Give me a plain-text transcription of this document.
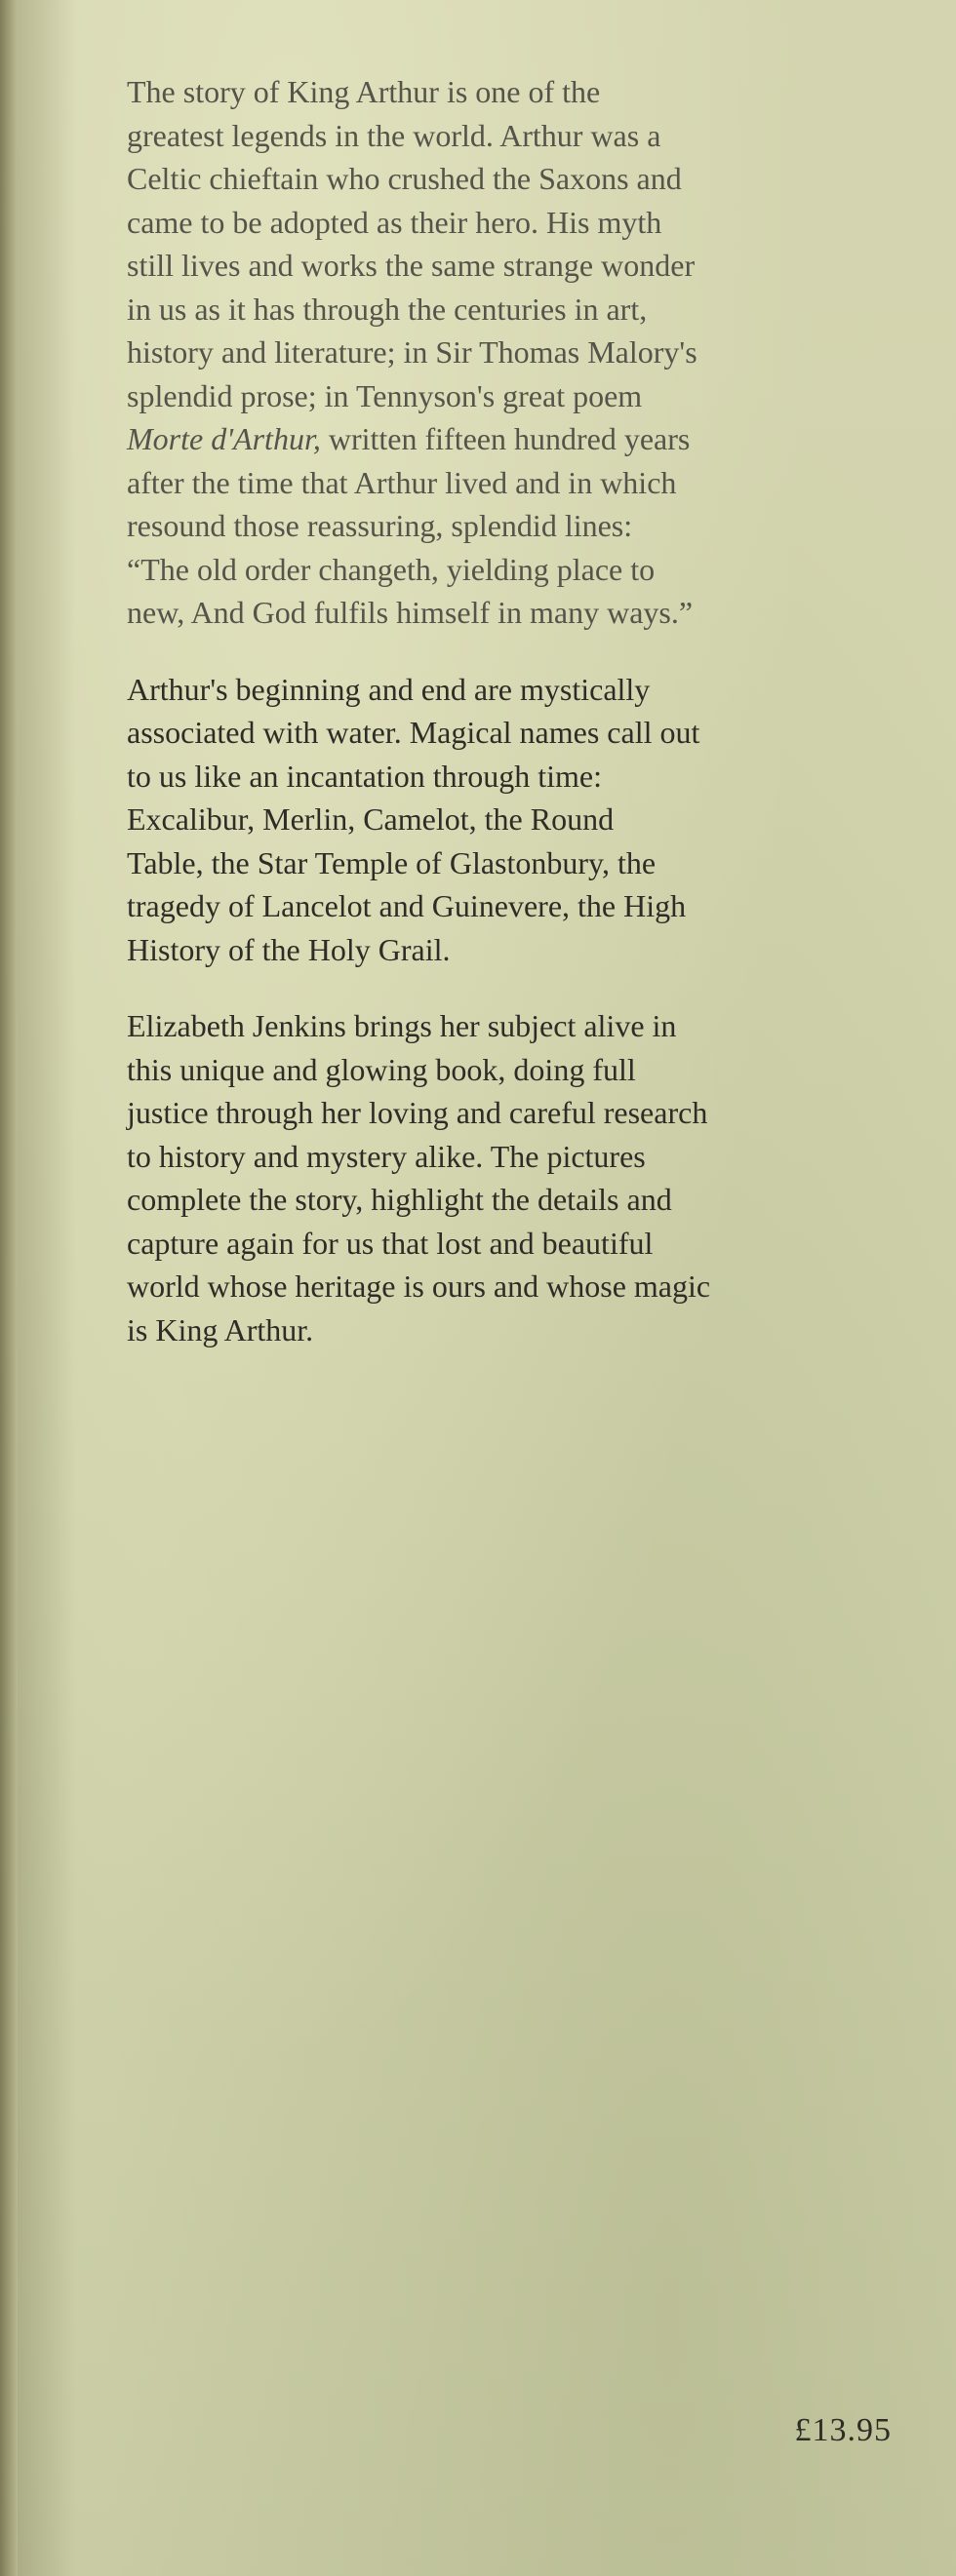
The story of King Arthur is one of the
greatest legends in the world. Arthur was a
Celtic chieftain who crushed the Saxons and
came to be adopted as their hero. His myth
still lives and works the same strange wonder
in us as it has through the centuries in art,
history and literature; in Sir Thomas Malory's
splendid prose; in Tennyson's great poem
Morte d'Arthur, written fifteen hundred years
after the time that Arthur lived and in which
resound those reassuring, splendid lines:
“The old order changeth, yielding place to
new, And God fulfils himself in many ways.”

Arthur's beginning and end are mystically
associated with water. Magical names call out
to us like an incantation through time:
Excalibur, Merlin, Camelot, the Round
Table, the Star Temple of Glastonbury, the
tragedy of Lancelot and Guinevere, the High
History of the Holy Grail.

Elizabeth Jenkins brings her subject alive in
this unique and glowing book, doing full
justice through her loving and careful research
to history and mystery alike. The pictures
complete the story, highlight the details and
capture again for us that lost and beautiful
world whose heritage is ours and whose magic
is King Arthur.

£13.95
